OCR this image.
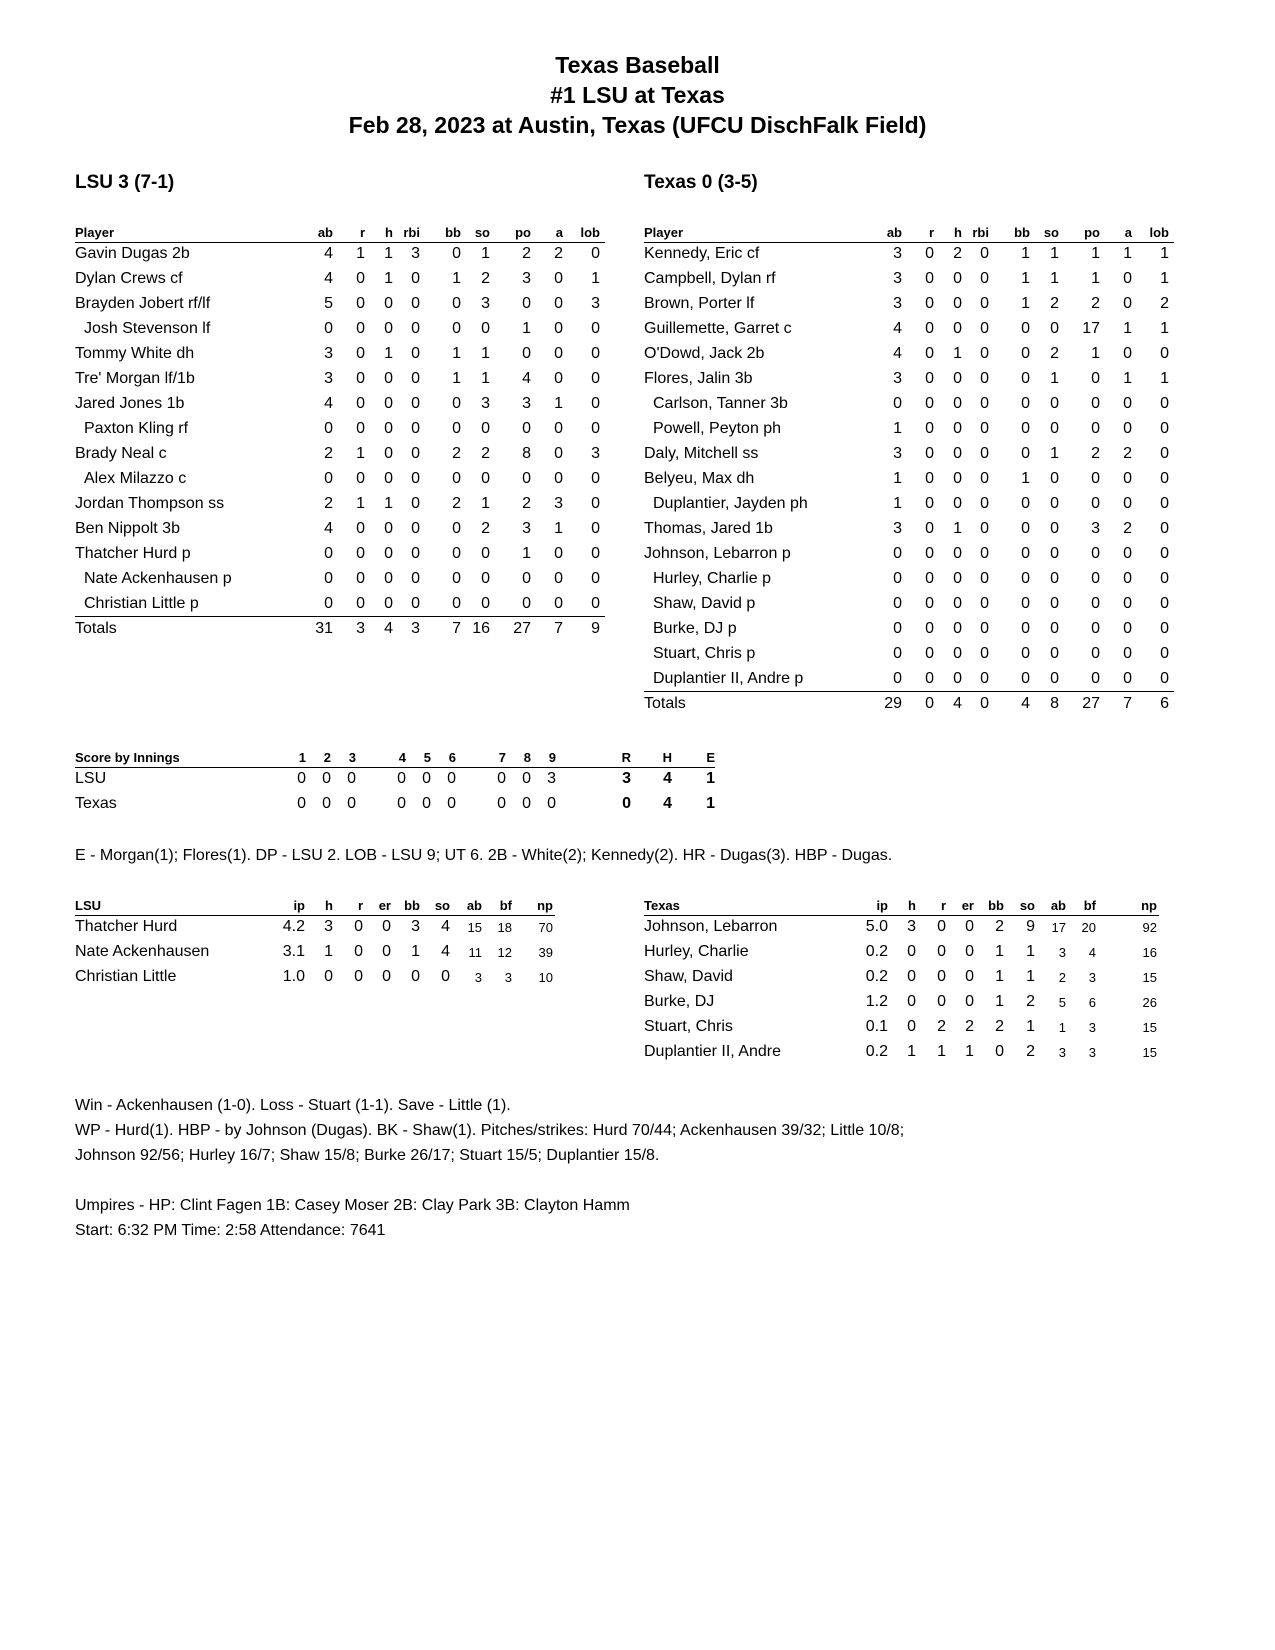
Texas Baseball
#1 LSU at Texas
Feb 28, 2023 at Austin, Texas (UFCU DischFalk Field)
LSU 3 (7-1)	Texas 0 (3-5)
Player	ab	r	h rbi	bb	so	po	a	lob
Gavin Dugas 2b	4	1	1	3	0	1	2	2	0
Dylan Crews cf	4	0	1	0	1	2	3	0	1
Brayden Jobert rf/lf	5	0	0	0	0	3	0	0	3
Josh Stevenson lf	0	0	0	0	0	0	1	0	0
Tommy White dh	3	0	1	0	1	1	0	0	0
Tre' Morgan lf/1b	3	0	0	0	1	1	4	0	0
Jared Jones 1b	4	0	0	0	0	3	3	1	0
Paxton Kling rf	0	0	0	0	0	0	0	0	0
Brady Neal c	2	1	0	0	2	2	8	0	3
Alex Milazzo c	0	0	0	0	0	0	0	0	0
Jordan Thompson ss	2	1	1	0	2	1	2	3	0
Ben Nippolt 3b	4	0	0	0	0	2	3	1	0
Thatcher Hurd p	0	0	0	0	0	0	1	0	0
Nate Ackenhausen p	0	0	0	0	0	0	0	0	0
Christian Little p	0	0	0	0	0	0	0	0	0
Totals	31	3	4	3	7 16	27	7	9
Player	ab	r	h rbi	bb	so	po	a	lob
Kennedy, Eric cf	3	0	2	0	1	1	1	1	1
Campbell, Dylan rf	3	0	0	0	1	1	1	0	1
Brown, Porter lf	3	0	0	0	1	2	2	0	2
Guillemette, Garret c	4	0	0	0	0	0	17	1	1
O'Dowd, Jack 2b	4	0	1	0	0	2	1	0	0
Flores, Jalin 3b	3	0	0	0	0	1	0	1	1
Carlson, Tanner 3b	0	0	0	0	0	0	0	0	0
Powell, Peyton ph	1	0	0	0	0	0	0	0	0
Daly, Mitchell ss	3	0	0	0	0	1	2	2	0
Belyeu, Max dh	1	0	0	0	1	0	0	0	0
Duplantier, Jayden ph	1	0	0	0	0	0	0	0	0
Thomas, Jared 1b	3	0	1	0	0	0	3	2	0
Johnson, Lebarron p	0	0	0	0	0	0	0	0	0
Hurley, Charlie p	0	0	0	0	0	0	0	0	0
Shaw, David p	0	0	0	0	0	0	0	0	0
Burke, DJ p	0	0	0	0	0	0	0	0	0
Stuart, Chris p	0	0	0	0	0	0	0	0	0
Duplantier II, Andre p	0	0	0	0	0	0	0	0	0
Totals	29	0	4	0	4	8	27	7	6
Score by Innings	1	2	3	4	5	6	7	8	9	R	H	E
LSU	0	0	0	0	0	0	0	0	3	3	4	1
Texas	0	0	0	0	0	0	0	0	0	0	4	1
E - Morgan(1); Flores(1). DP - LSU 2. LOB - LSU 9; UT 6. 2B - White(2); Kennedy(2). HR - Dugas(3). HBP - Dugas.
LSU	ip	h	r	er	bb	so	ab	bf	np
Thatcher Hurd	4.2	3	0	0	3	4	15	18	70
Nate Ackenhausen	3.1	1	0	0	1	4	11	12	39
Christian Little	1.0	0	0	0	0	0	3	3	10
Texas	ip	h	r	er	bb	so	ab	bf	np
Johnson, Lebarron	5.0	3	0	0	2	9	17	20	92
Hurley, Charlie	0.2	0	0	0	1	1	3	4	16
Shaw, David	0.2	0	0	0	1	1	2	3	15
Burke, DJ	1.2	0	0	0	1	2	5	6	26
Stuart, Chris	0.1	0	2	2	2	1	1	3	15
Duplantier II, Andre	0.2	1	1	1	0	2	3	3	15
Win - Ackenhausen (1-0). Loss - Stuart (1-1). Save - Little (1).
WP - Hurd(1). HBP - by Johnson (Dugas). BK - Shaw(1). Pitches/strikes: Hurd 70/44; Ackenhausen 39/32; Little 10/8;
Johnson 92/56; Hurley 16/7; Shaw 15/8; Burke 26/17; Stuart 15/5; Duplantier 15/8.
Umpires - HP: Clint Fagen 1B: Casey Moser 2B: Clay Park 3B: Clayton Hamm
Start: 6:32 PM Time: 2:58 Attendance: 7641
